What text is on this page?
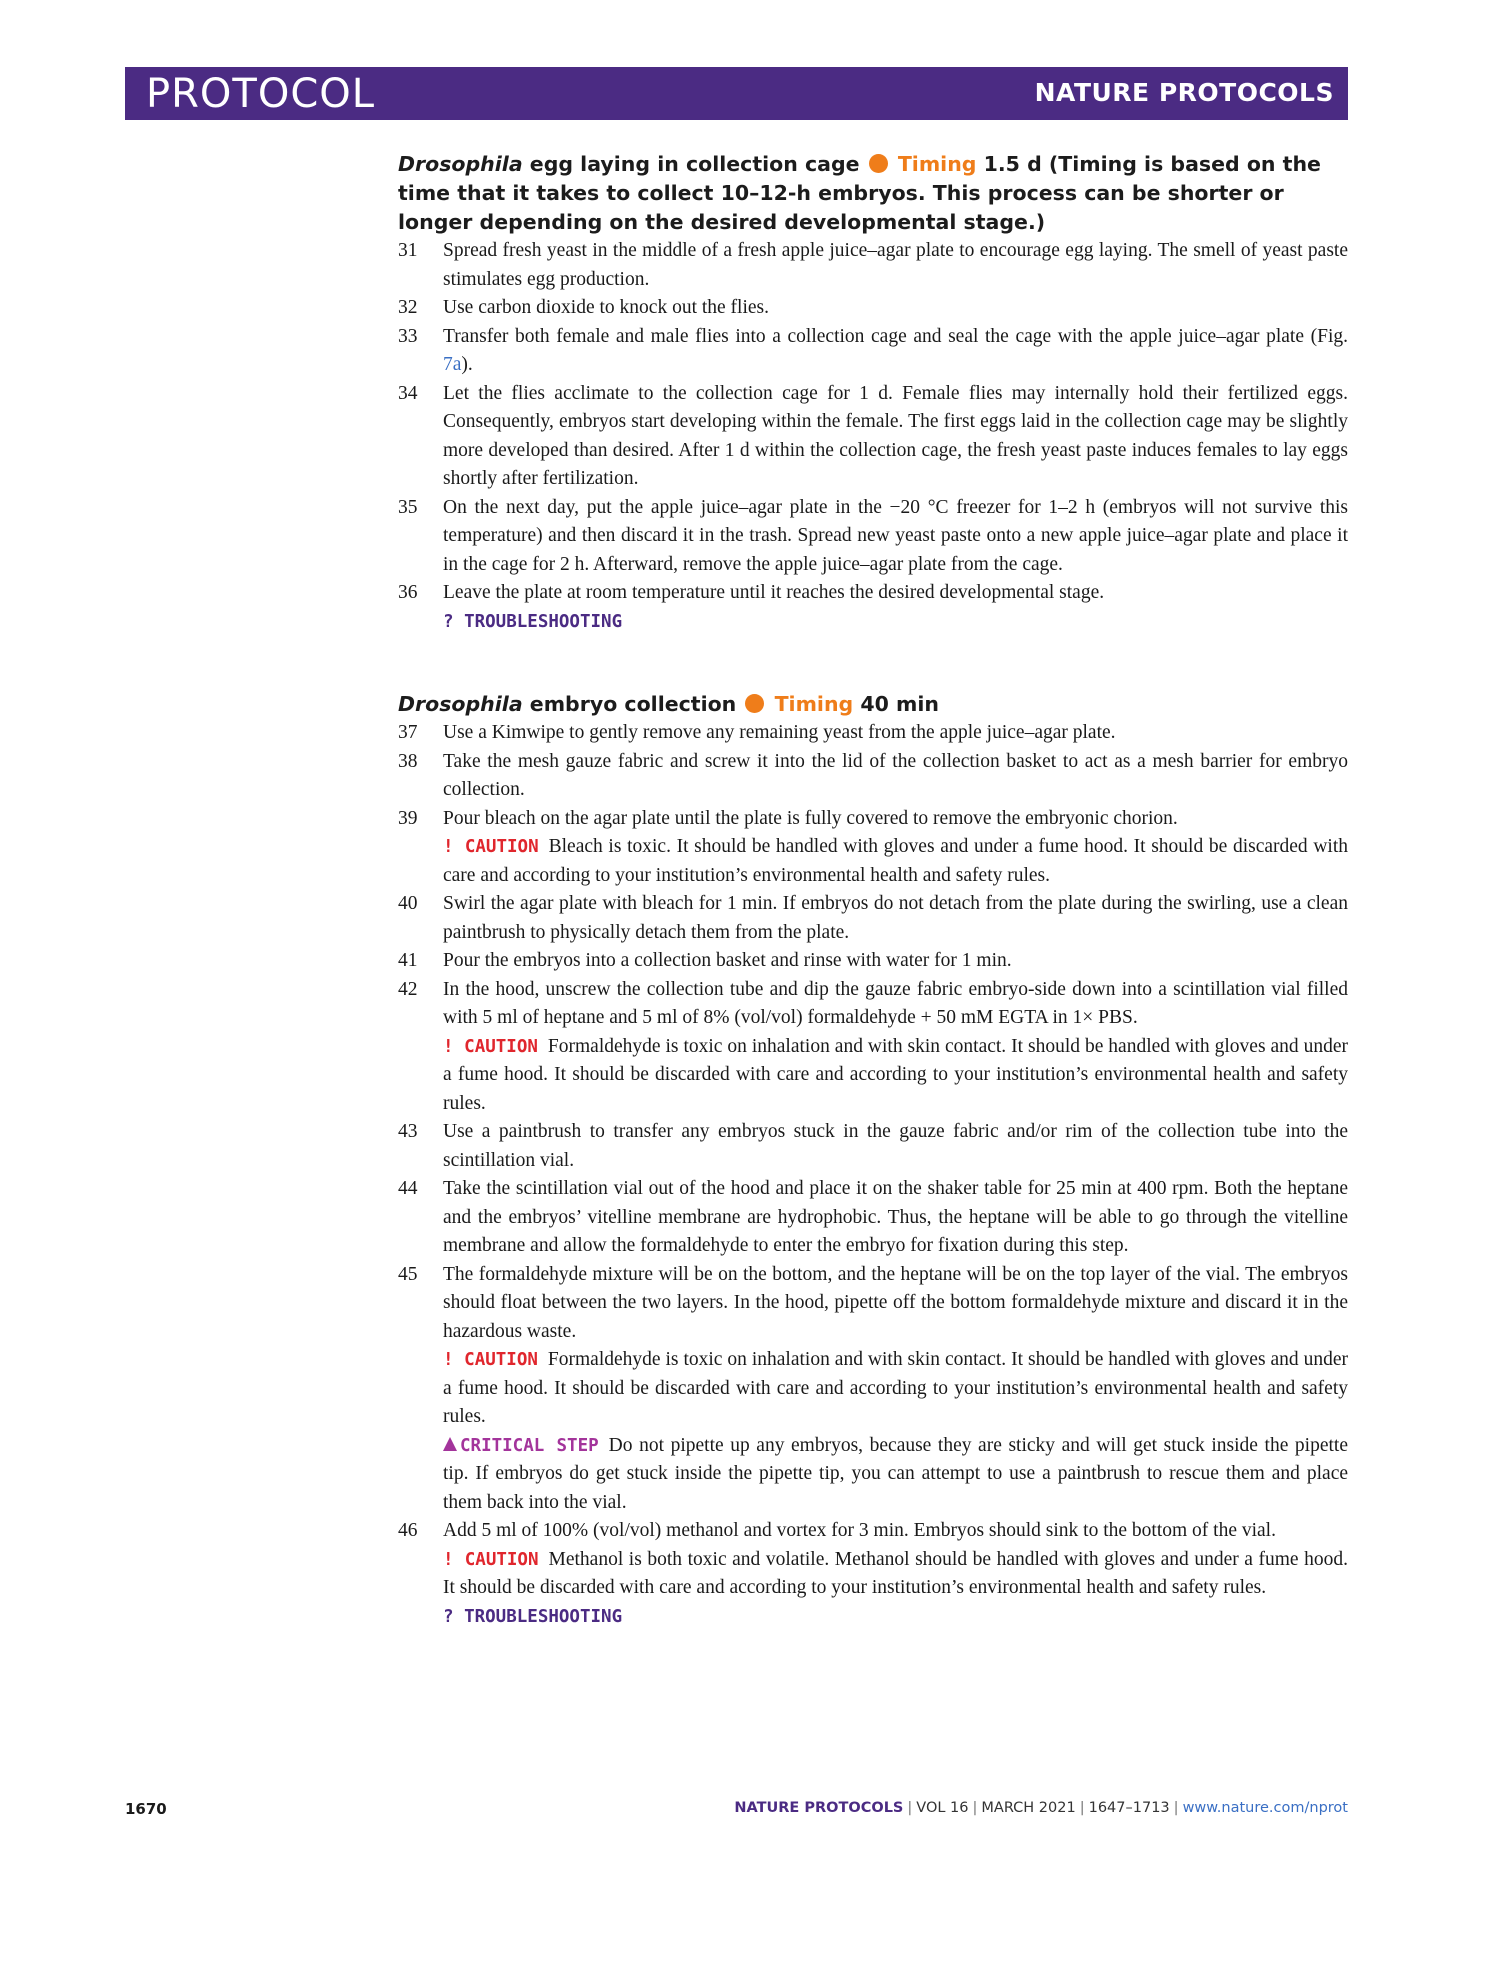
PROTOCOL	NATURE PROTOCOLS
Drosophila egg laying in collection cage Timing 1.5 d (Timing is based on the time that it takes to collect 10–12-h embryos. This process can be shorter or longer depending on the desired developmental stage.)
31 Spread fresh yeast in the middle of a fresh apple juice–agar plate to encourage egg laying. The smell of yeast paste stimulates egg production.
32 Use carbon dioxide to knock out the flies.
33 Transfer both female and male flies into a collection cage and seal the cage with the apple juice–agar plate (Fig. 7a).
34 Let the flies acclimate to the collection cage for 1 d. Female flies may internally hold their fertilized eggs. Consequently, embryos start developing within the female. The first eggs laid in the collection cage may be slightly more developed than desired. After 1 d within the collection cage, the fresh yeast paste induces females to lay eggs shortly after fertilization.
35 On the next day, put the apple juice–agar plate in the −20 °C freezer for 1–2 h (embryos will not survive this temperature) and then discard it in the trash. Spread new yeast paste onto a new apple juice–agar plate and place it in the cage for 2 h. Afterward, remove the apple juice–agar plate from the cage.
36 Leave the plate at room temperature until it reaches the desired developmental stage.
? TROUBLESHOOTING
Drosophila embryo collection Timing 40 min
37 Use a Kimwipe to gently remove any remaining yeast from the apple juice–agar plate.
38 Take the mesh gauze fabric and screw it into the lid of the collection basket to act as a mesh barrier for embryo collection.
39 Pour bleach on the agar plate until the plate is fully covered to remove the embryonic chorion.
! CAUTION Bleach is toxic. It should be handled with gloves and under a fume hood. It should be discarded with care and according to your institution’s environmental health and safety rules.
40 Swirl the agar plate with bleach for 1 min. If embryos do not detach from the plate during the swirling, use a clean paintbrush to physically detach them from the plate.
41 Pour the embryos into a collection basket and rinse with water for 1 min.
42 In the hood, unscrew the collection tube and dip the gauze fabric embryo-side down into a scintillation vial filled with 5 ml of heptane and 5 ml of 8% (vol/vol) formaldehyde + 50 mM EGTA in 1× PBS.
! CAUTION Formaldehyde is toxic on inhalation and with skin contact. It should be handled with gloves and under a fume hood. It should be discarded with care and according to your institution’s environmental health and safety rules.
43 Use a paintbrush to transfer any embryos stuck in the gauze fabric and/or rim of the collection tube into the scintillation vial.
44 Take the scintillation vial out of the hood and place it on the shaker table for 25 min at 400 rpm. Both the heptane and the embryos’ vitelline membrane are hydrophobic. Thus, the heptane will be able to go through the vitelline membrane and allow the formaldehyde to enter the embryo for fixation during this step.
45 The formaldehyde mixture will be on the bottom, and the heptane will be on the top layer of the vial. The embryos should float between the two layers. In the hood, pipette off the bottom formaldehyde mixture and discard it in the hazardous waste.
! CAUTION Formaldehyde is toxic on inhalation and with skin contact. It should be handled with gloves and under a fume hood. It should be discarded with care and according to your institution’s environmental health and safety rules.
CRITICAL STEP Do not pipette up any embryos, because they are sticky and will get stuck inside the pipette tip. If embryos do get stuck inside the pipette tip, you can attempt to use a paintbrush to rescue them and place them back into the vial.
46 Add 5 ml of 100% (vol/vol) methanol and vortex for 3 min. Embryos should sink to the bottom of the vial.
! CAUTION Methanol is both toxic and volatile. Methanol should be handled with gloves and under a fume hood. It should be discarded with care and according to your institution’s environmental health and safety rules.
? TROUBLESHOOTING
1670	NATURE PROTOCOLS | VOL 16 | MARCH 2021 | 1647–1713 | www.nature.com/nprot
